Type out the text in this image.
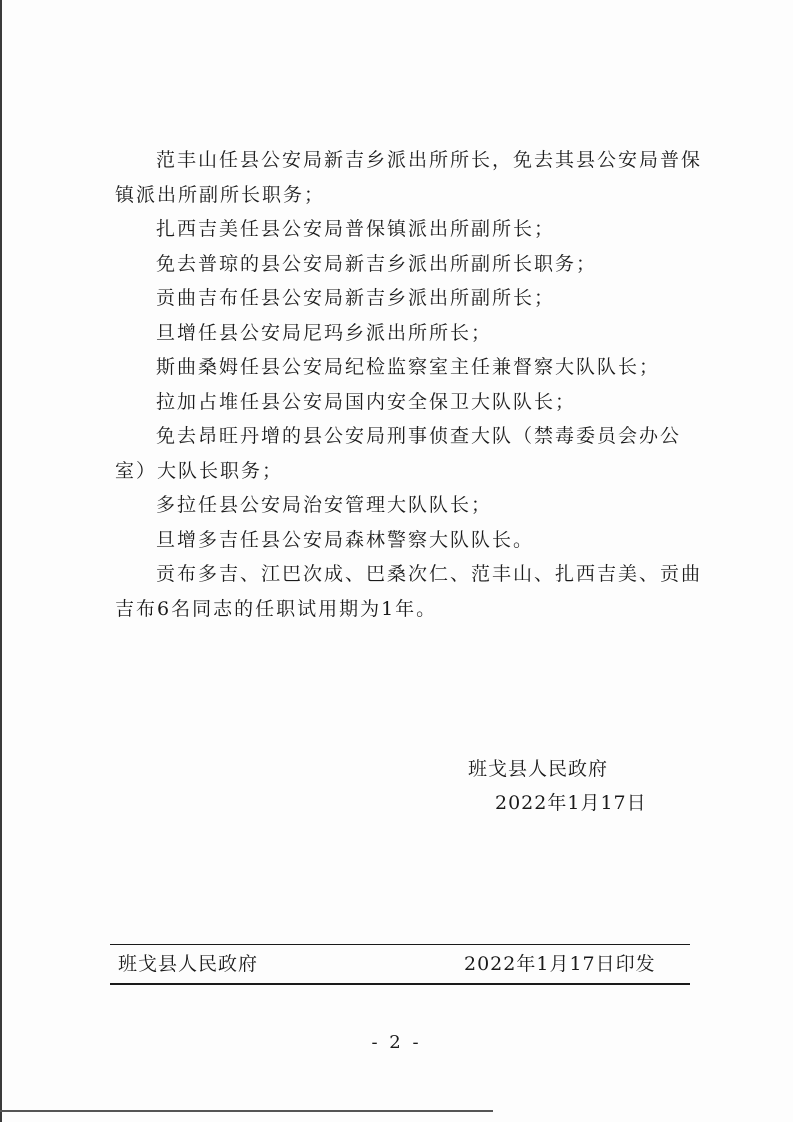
范丰山任县公安局新吉乡派出所所长，免去其县公安局普保
镇派出所副所长职务；
扎西吉美任县公安局普保镇派出所副所长；
免去普琼的县公安局新吉乡派出所副所长职务；
贡曲吉布任县公安局新吉乡派出所副所长；
旦增任县公安局尼玛乡派出所所长；
斯曲桑姆任县公安局纪检监察室主任兼督察大队队长；
拉加占堆任县公安局国内安全保卫大队队长；
免去昂旺丹增的县公安局刑事侦查大队（禁毒委员会办公
室）大队长职务；
多拉任县公安局治安管理大队队长；
旦增多吉任县公安局森林警察大队队长。
贡布多吉、江巴次成、巴桑次仁、范丰山、扎西吉美、贡曲
吉布6名同志的任职试用期为1年。
班戈县人民政府
2022年1月17日
班戈县人民政府	2022年1月17日印发
- 2 -
